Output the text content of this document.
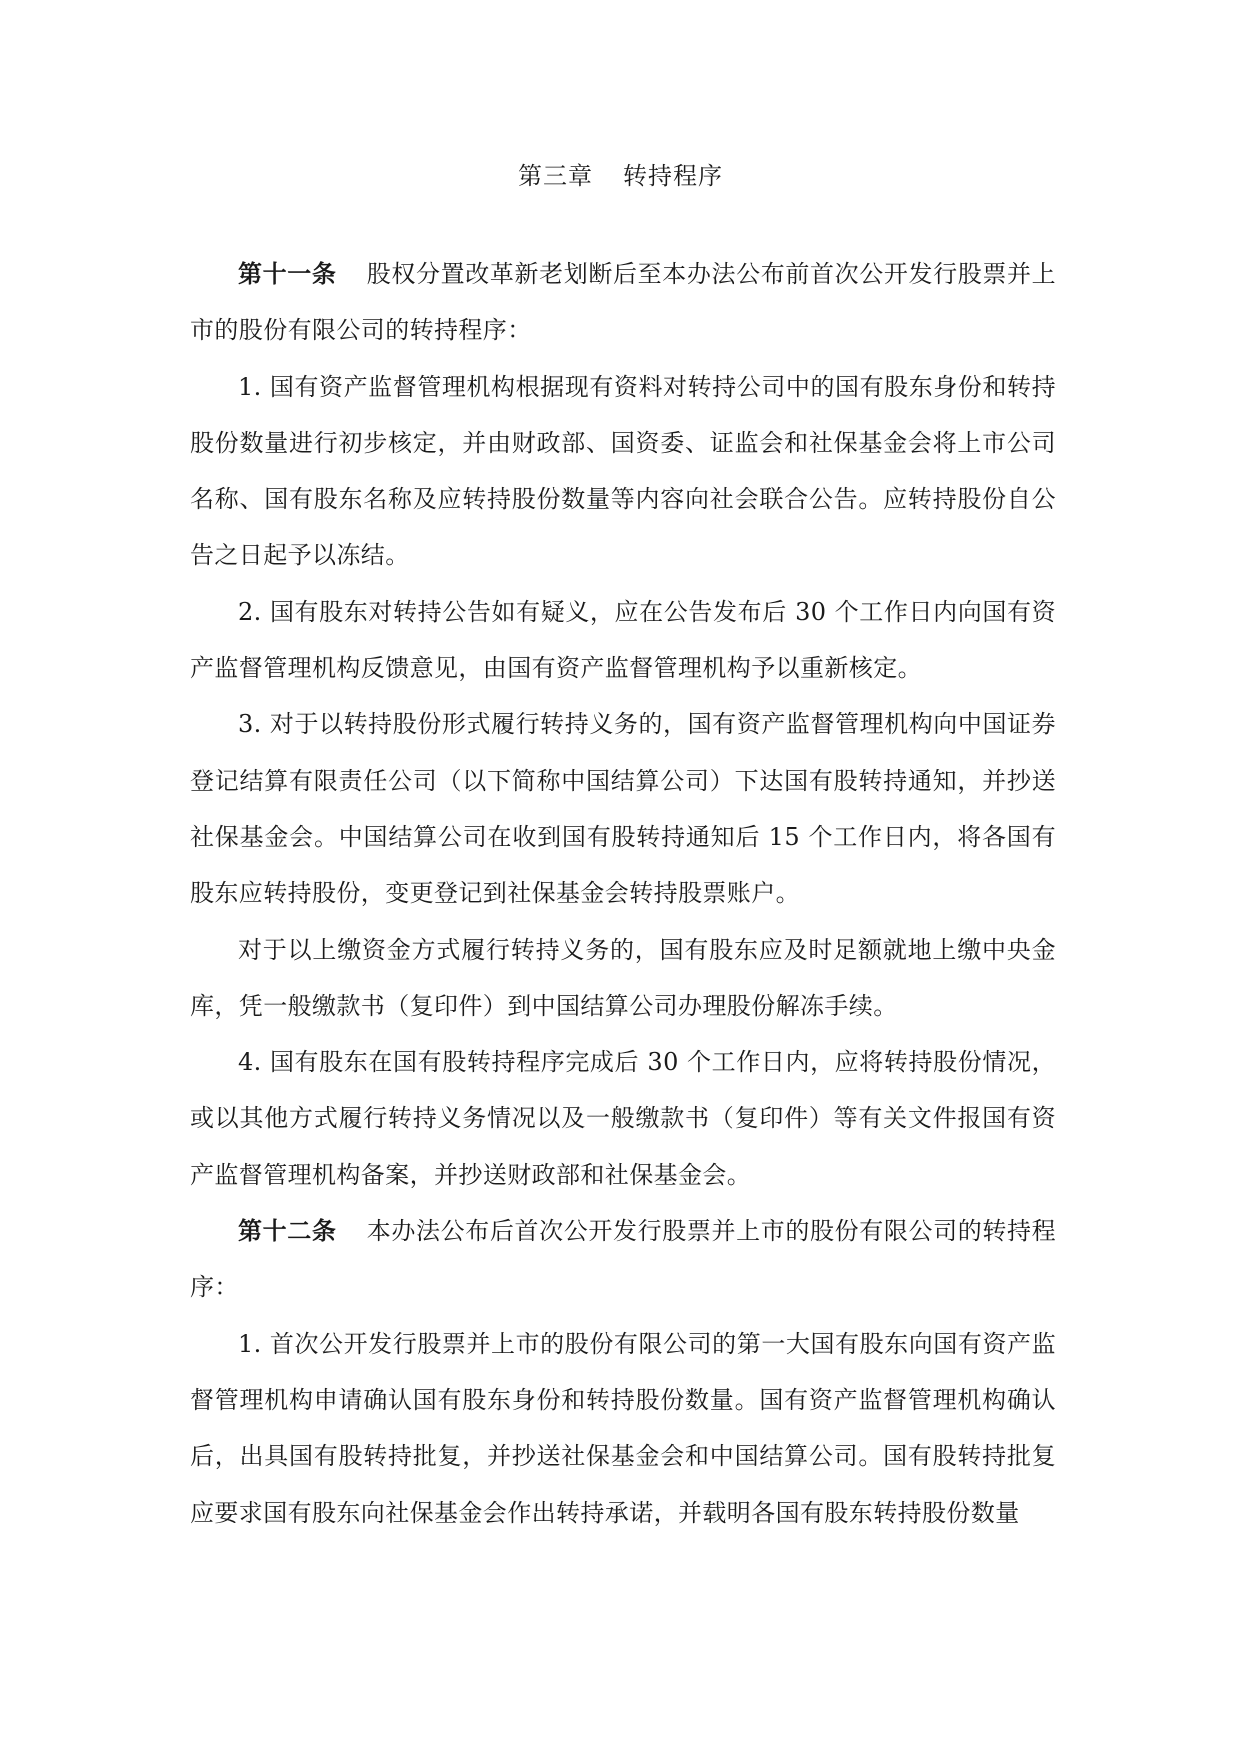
第三章 转持程序

第十一条 股权分置改革新老划断后至本办法公布前首次公开发行股票并上市的股份有限公司的转持程序：

1. 国有资产监督管理机构根据现有资料对转持公司中的国有股东身份和转持股份数量进行初步核定，并由财政部、国资委、证监会和社保基金会将上市公司名称、国有股东名称及应转持股份数量等内容向社会联合公告。应转持股份自公告之日起予以冻结。

2. 国有股东对转持公告如有疑义，应在公告发布后 30 个工作日内向国有资产监督管理机构反馈意见，由国有资产监督管理机构予以重新核定。

3. 对于以转持股份形式履行转持义务的，国有资产监督管理机构向中国证券登记结算有限责任公司（以下简称中国结算公司）下达国有股转持通知，并抄送社保基金会。中国结算公司在收到国有股转持通知后 15 个工作日内，将各国有股东应转持股份，变更登记到社保基金会转持股票账户。

对于以上缴资金方式履行转持义务的，国有股东应及时足额就地上缴中央金库，凭一般缴款书（复印件）到中国结算公司办理股份解冻手续。

4. 国有股东在国有股转持程序完成后 30 个工作日内，应将转持股份情况，或以其他方式履行转持义务情况以及一般缴款书（复印件）等有关文件报国有资产监督管理机构备案，并抄送财政部和社保基金会。

第十二条 本办法公布后首次公开发行股票并上市的股份有限公司的转持程序：

1. 首次公开发行股票并上市的股份有限公司的第一大国有股东向国有资产监督管理机构申请确认国有股东身份和转持股份数量。国有资产监督管理机构确认后，出具国有股转持批复，并抄送社保基金会和中国结算公司。国有股转持批复应要求国有股东向社保基金会作出转持承诺，并载明各国有股东转持股份数量
